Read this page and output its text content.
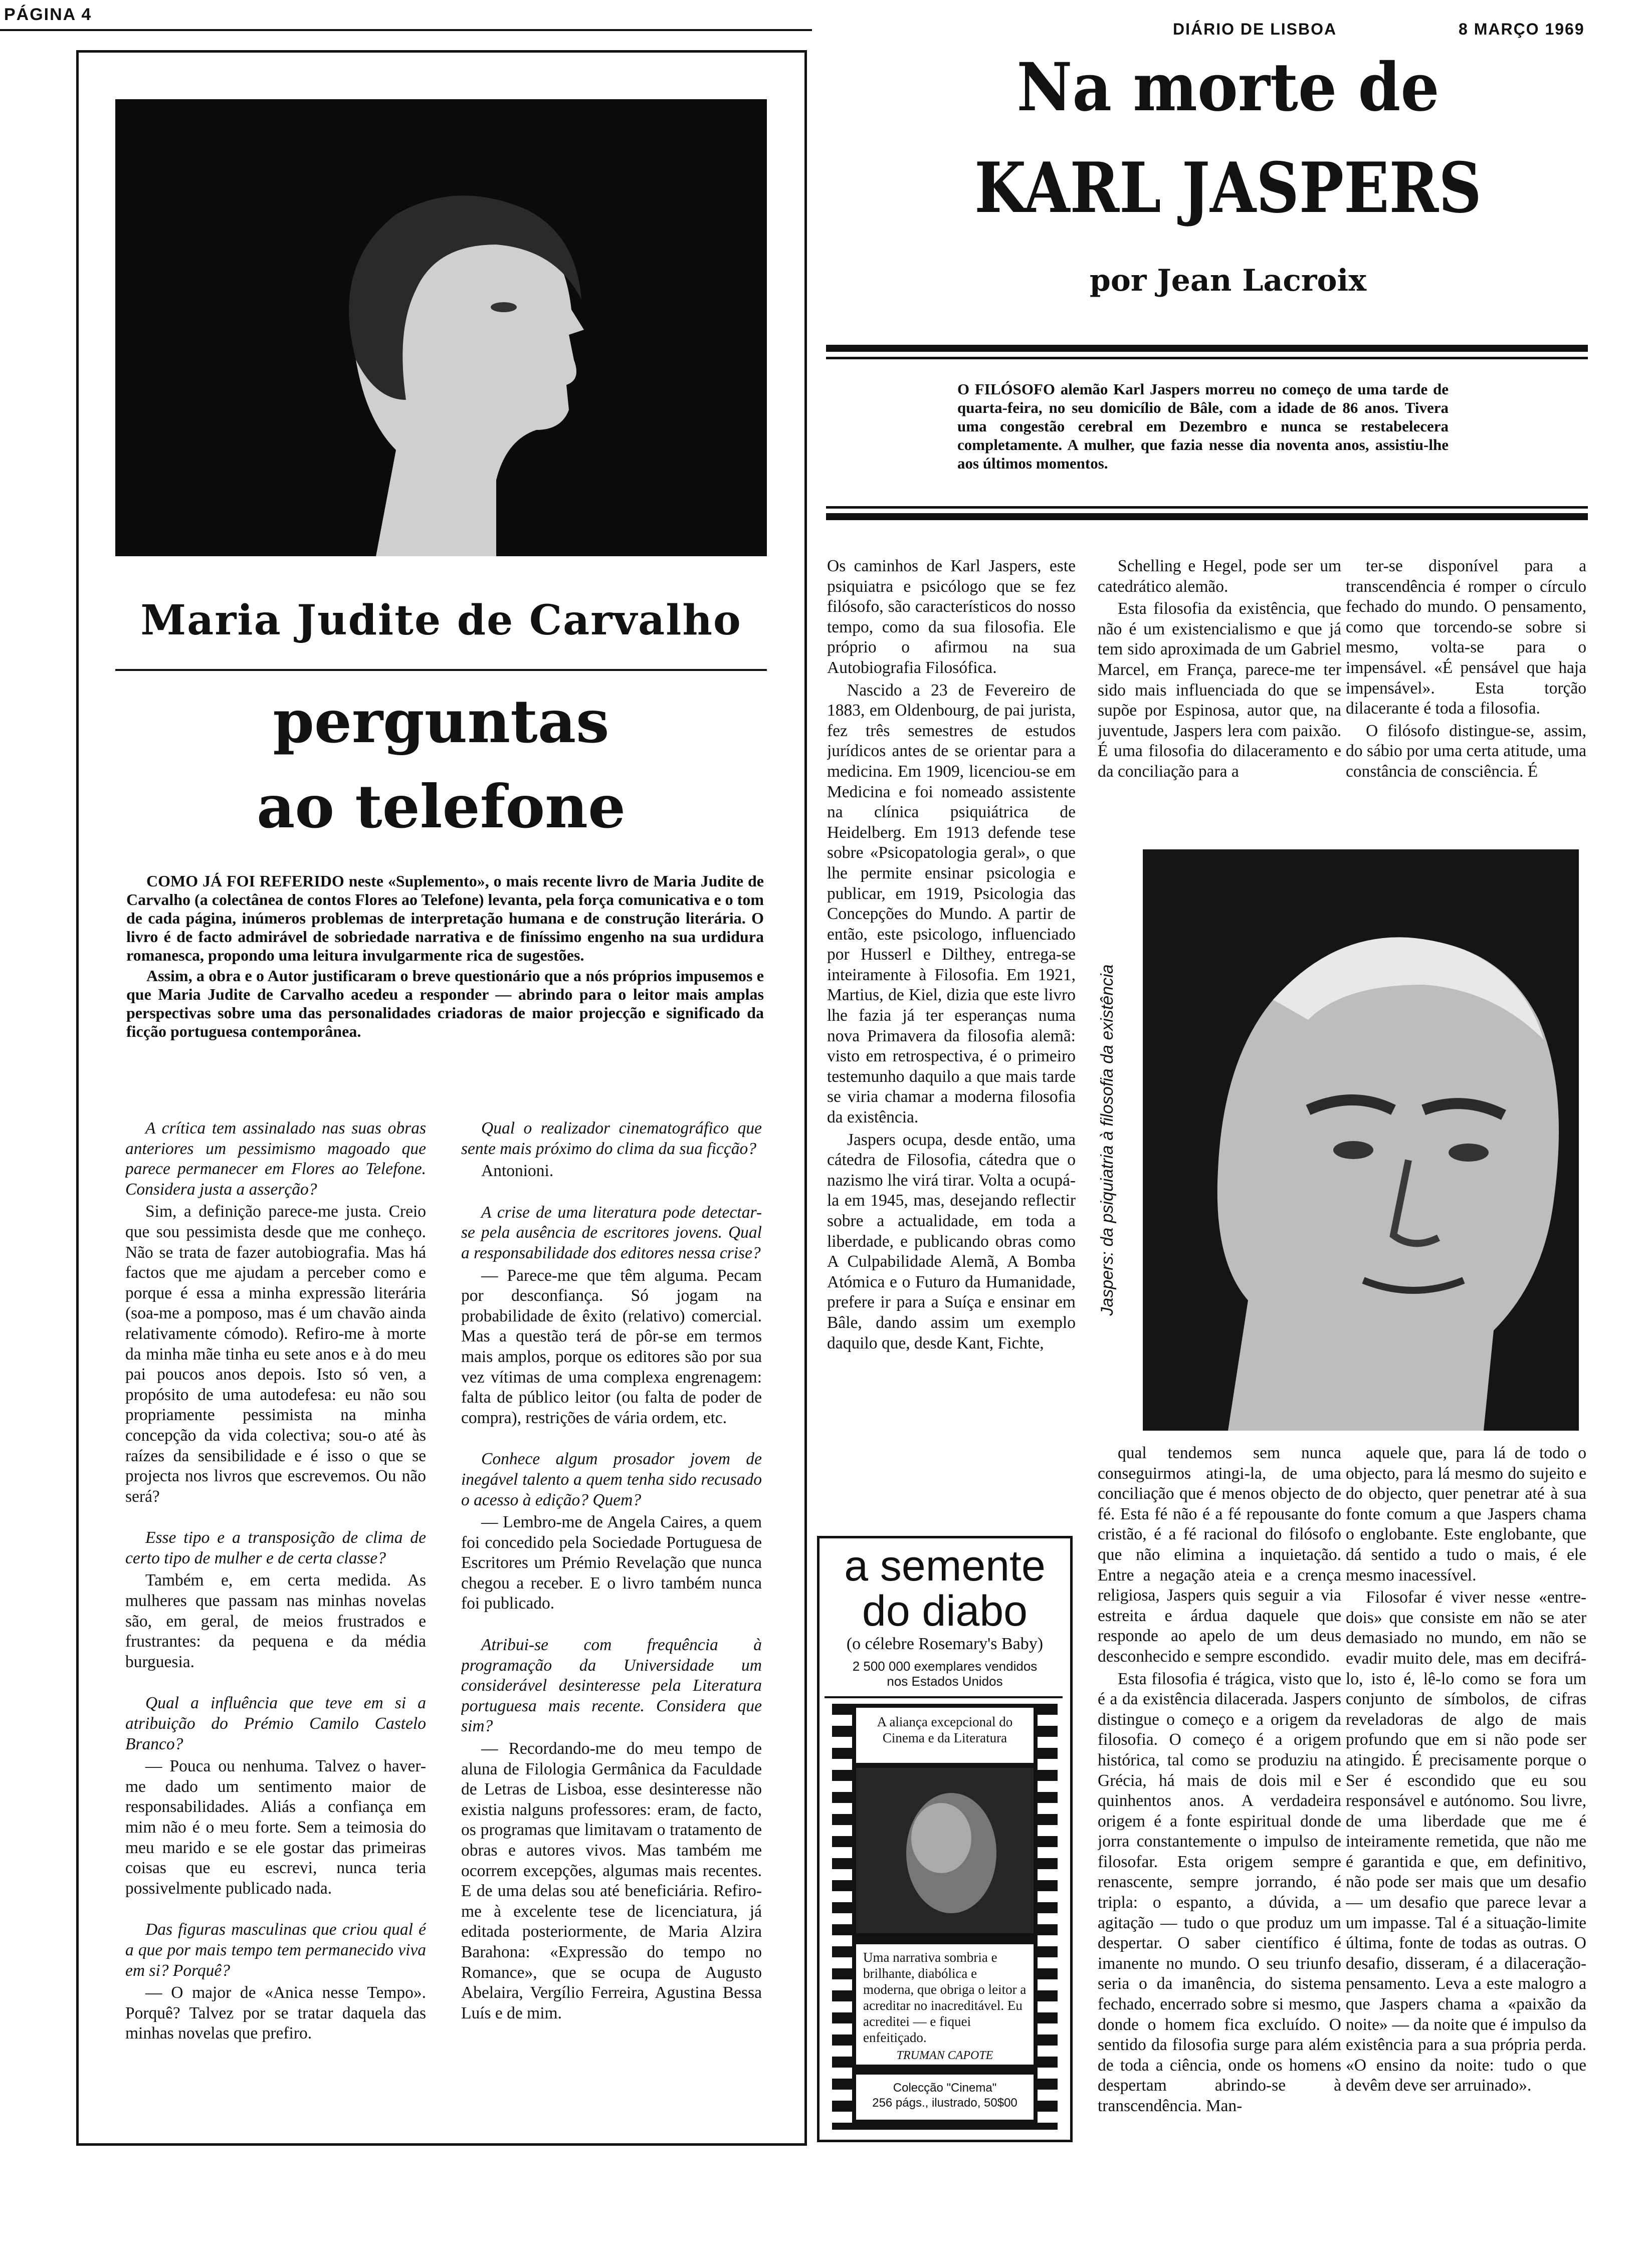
PÁGINA 4
DIÁRIO DE LISBOA	8 MARÇO 1969
Maria Judite de Carvalho
perguntas
ao telefone

COMO JÁ FOI REFERIDO neste «Suplemento», o mais recente livro de Maria Judite de Carvalho (a colectânea de contos Flores ao Telefone) levanta, pela força comunicativa e o tom de cada página, inúmeros problemas de interpretação humana e de construção literária. O livro é de facto admirável de sobriedade narrativa e de finíssimo engenho na sua urdidura romanesca, propondo uma leitura invulgarmente rica de sugestões.

Assim, a obra e o Autor justificaram o breve questionário que a nós próprios impusemos e que Maria Judite de Carvalho acedeu a responder — abrindo para o leitor mais amplas perspectivas sobre uma das personalidades criadoras de maior projecção e significado da ficção portuguesa contemporânea.

A crítica tem assinalado nas suas obras anteriores um pessimismo magoado que parece permanecer em Flores ao Telefone. Considera justa a asserção?

Sim, a definição parece-me justa. Creio que sou pessimista desde que me conheço. Não se trata de fazer autobiografia. Mas há factos que me ajudam a perceber como e porque é essa a minha expressão literária (soa-me a pomposo, mas é um chavão ainda relativamente cómodo). Refiro-me à morte da minha mãe tinha eu sete anos e à do meu pai poucos anos depois. Isto só ven, a propósito de uma autodefesa: eu não sou propriamente pessimista na minha concepção da vida colectiva; sou-o até às raízes da sensibilidade e é isso o que se projecta nos livros que escrevemos. Ou não será?

Esse tipo e a transposição de clima de certo tipo de mulher e de certa classe?

Também e, em certa medida. As mulheres que passam nas minhas novelas são, em geral, de meios frustrados e frustrantes: da pequena e da média burguesia.

Qual a influência que teve em si a atribuição do Prémio Camilo Castelo Branco?

— Pouca ou nenhuma. Talvez o haver-me dado um sentimento maior de responsabilidades. Aliás a confiança em mim não é o meu forte. Sem a teimosia do meu marido e se ele gostar das primeiras coisas que eu escrevi, nunca teria possivelmente publicado nada.

Das figuras masculinas que criou qual é a que por mais tempo tem permanecido viva em si? Porquê?

— O major de «Anica nesse Tempo». Porquê? Talvez por se tratar daquela das minhas novelas que prefiro.

Qual o realizador cinematográfico que sente mais próximo do clima da sua ficção?

Antonioni.

A crise de uma literatura pode detectar-se pela ausência de escritores jovens. Qual a responsabilidade dos editores nessa crise?

— Parece-me que têm alguma. Pecam por desconfiança. Só jogam na probabilidade de êxito (relativo) comercial. Mas a questão terá de pôr-se em termos mais amplos, porque os editores são por sua vez vítimas de uma complexa engrenagem: falta de público leitor (ou falta de poder de compra), restrições de vária ordem, etc.

Conhece algum prosador jovem de inegável talento a quem tenha sido recusado o acesso à edição? Quem?

— Lembro-me de Angela Caires, a quem foi concedido pela Sociedade Portuguesa de Escritores um Prémio Revelação que nunca chegou a receber. E o livro também nunca foi publicado.

Atribui-se com frequência à programação da Universidade um considerável desinteresse pela Literatura portuguesa mais recente. Considera que sim?

— Recordando-me do meu tempo de aluna de Filologia Germânica da Faculdade de Letras de Lisboa, esse desinteresse não existia nalguns professores: eram, de facto, os programas que limitavam o tratamento de obras e autores vivos. Mas também me ocorrem excepções, algumas mais recentes. E de uma delas sou até beneficiária. Refiro-me à excelente tese de licenciatura, já editada posteriormente, de Maria Alzira Barahona: «Expressão do tempo no Romance», que se ocupa de Augusto Abelaira, Vergílio Ferreira, Agustina Bessa Luís e de mim.

Na morte de
KARL JASPERS
por Jean Lacroix

O FILÓSOFO alemão Karl Jaspers morreu no começo de uma tarde de quarta-feira, no seu domicílio de Bâle, com a idade de 86 anos. Tivera uma congestão cerebral em Dezembro e nunca se restabelecera completamente. A mulher, que fazia nesse dia noventa anos, assistiu-lhe aos últimos momentos.

Os caminhos de Karl Jaspers, este psiquiatra e psicólogo que se fez filósofo, são característicos do nosso tempo, como da sua filosofia. Ele próprio o afirmou na sua Autobiografia Filosófica.

Nascido a 23 de Fevereiro de 1883, em Oldenbourg, de pai jurista, fez três semestres de estudos jurídicos antes de se orientar para a medicina. Em 1909, licenciou-se em Medicina e foi nomeado assistente na clínica psiquiátrica de Heidelberg. Em 1913 defende tese sobre «Psicopatologia geral», o que lhe permite ensinar psicologia e publicar, em 1919, Psicologia das Concepções do Mundo. A partir de então, este psicologo, influenciado por Husserl e Dilthey, entrega-se inteiramente à Filosofia. Em 1921, Martius, de Kiel, dizia que este livro lhe fazia já ter esperanças numa nova Primavera da filosofia alemã: visto em retrospectiva, é o primeiro testemunho daquilo a que mais tarde se viria chamar a moderna filosofia da existência.

Jaspers ocupa, desde então, uma cátedra de Filosofia, cátedra que o nazismo lhe virá tirar. Volta a ocupá-la em 1945, mas, desejando reflectir sobre a actualidade, em toda a liberdade, e publicando obras como A Culpabilidade Alemã, A Bomba Atómica e o Futuro da Humanidade, prefere ir para a Suíça e ensinar em Bâle, dando assim um exemplo daquilo que, desde Kant, Fichte,

Schelling e Hegel, pode ser um catedrático alemão.

Esta filosofia da existência, que não é um existencialismo e que já tem sido aproximada de um Gabriel Marcel, em França, parece-me ter sido mais influenciada do que se supõe por Espinosa, autor que, na juventude, Jaspers lera com paixão. É uma filosofia do dilaceramento e da conciliação para a

ter-se disponível para a transcendência é romper o círculo fechado do mundo. O pensamento, como que torcendo-se sobre si mesmo, volta-se para o impensável. «É pensável que haja impensável». Esta torção dilacerante é toda a filosofia.

O filósofo distingue-se, assim, do sábio por uma certa atitude, uma constância de consciência. É

Jaspers: da psiquiatria à filosofia da existência

qual tendemos sem nunca conseguirmos atingi-la, de uma conciliação que é menos objecto de fé. Esta fé não é a fé repousante do cristão, é a fé racional do filósofo que não elimina a inquietação. Entre a negação ateia e a crença religiosa, Jaspers quis seguir a via estreita e árdua daquele que responde ao apelo de um deus desconhecido e sempre escondido.

Esta filosofia é trágica, visto que é a da existência dilacerada. Jaspers distingue o começo e a origem da filosofia. O começo é a origem histórica, tal como se produziu na Grécia, há mais de dois mil e quinhentos anos. A verdadeira origem é a fonte espiritual donde jorra constantemente o impulso de filosofar. Esta origem sempre renascente, sempre jorrando, é tripla: o espanto, a dúvida, a agitação — tudo o que produz um despertar. O saber científico é imanente no mundo. O seu triunfo seria o da imanência, do sistema fechado, encerrado sobre si mesmo, donde o homem fica excluído. O sentido da filosofia surge para além de toda a ciência, onde os homens despertam abrindo-se à transcendência. Man-

aquele que, para lá de todo o objecto, para lá mesmo do sujeito e do objecto, quer penetrar até à sua fonte comum a que Jaspers chama o englobante. Este englobante, que dá sentido a tudo o mais, é ele mesmo inacessível.

Filosofar é viver nesse «entre-dois» que consiste em não se ater demasiado no mundo, em não se evadir muito dele, mas em decifrá-lo, isto é, lê-lo como se fora um conjunto de símbolos, de cifras reveladoras de algo de mais profundo que em si não pode ser atingido. É precisamente porque o Ser é escondido que eu sou responsável e autónomo. Sou livre, de uma liberdade que me é inteiramente remetida, que não me é garantida e que, em definitivo, não pode ser mais que um desafio — um desafio que parece levar a um impasse. Tal é a situação-limite última, fonte de todas as outras. O desafio, disseram, é a dilaceração-pensamento. Leva a este malogro a que Jaspers chama a «paixão da noite» — da noite que é impulso da existência para a sua própria perda. «O ensino da noite: tudo o que devêm deve ser arruinado».

a semente
do diabo
(o célebre Rosemary's Baby)
2 500 000 exemplares vendidos nos Estados Unidos
A aliança excepcional do Cinema e da Literatura
Uma narrativa sombria e brilhante, diabólica e moderna, que obriga o leitor a acreditar no inacreditável. Eu acreditei — e fiquei enfeitiçado.
TRUMAN CAPOTE
Colecção "Cinema"
256 págs., ilustrado, 50$00
